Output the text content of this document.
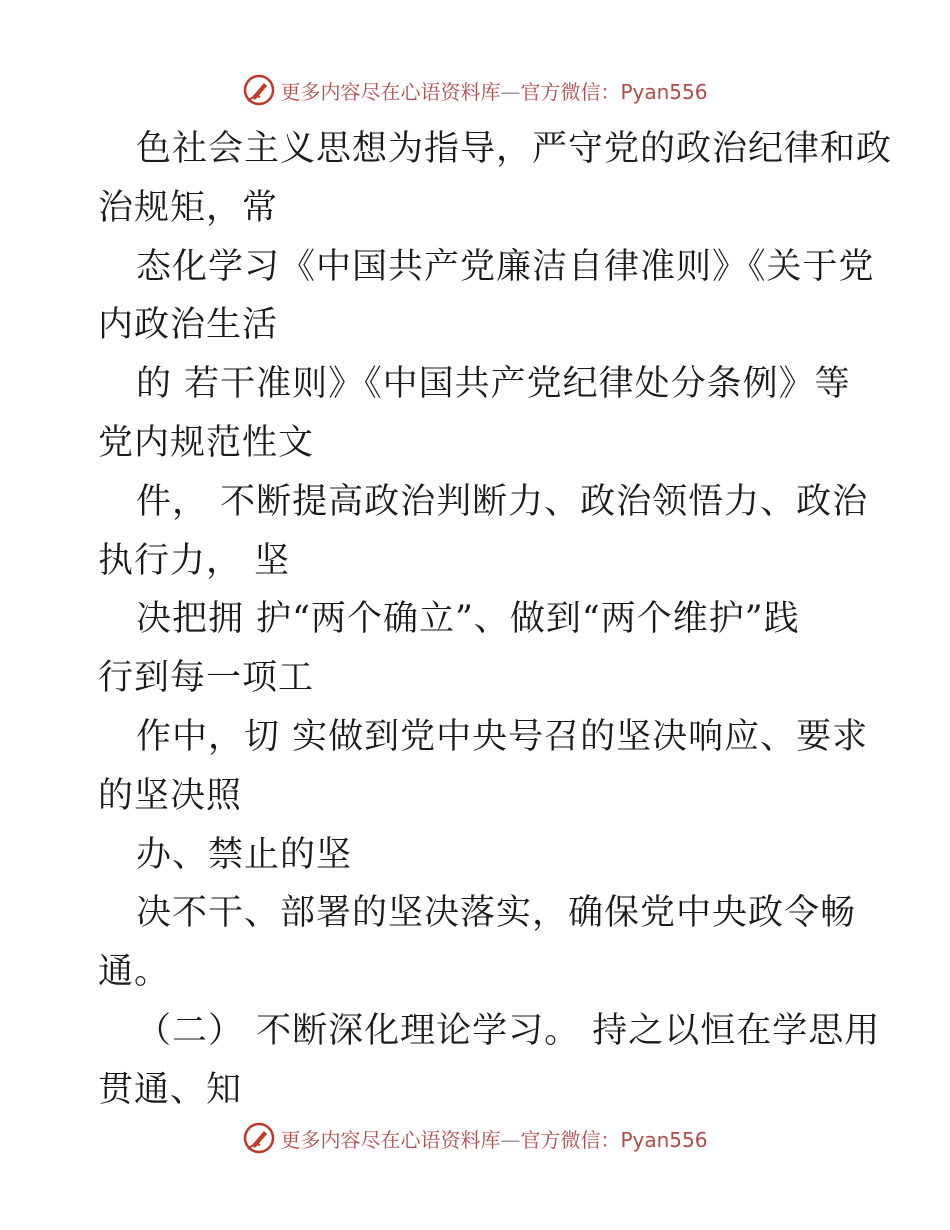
更多内容尽在心语资料库—官方微信：Pyan556
色社会主义思想为指导，严守党的政治纪律和政
治规矩，常
态化学习《中国共产党廉洁自律准则》《关于党
内政治生活
的 若干准则》《中国共产党纪律处分条例》等
党内规范性文
件， 不断提高政治判断力、政治领悟力、政治
执行力， 坚
决把拥 护“两个确立”、做到“两个维护”践
行到每一项工
作中，切 实做到党中央号召的坚决响应、要求
的坚决照
办、禁止的坚
决不干、部署的坚决落实，确保党中央政令畅
通。
（二） 不断深化理论学习。 持之以恒在学思用
贯通、知
更多内容尽在心语资料库—官方微信：Pyan556
